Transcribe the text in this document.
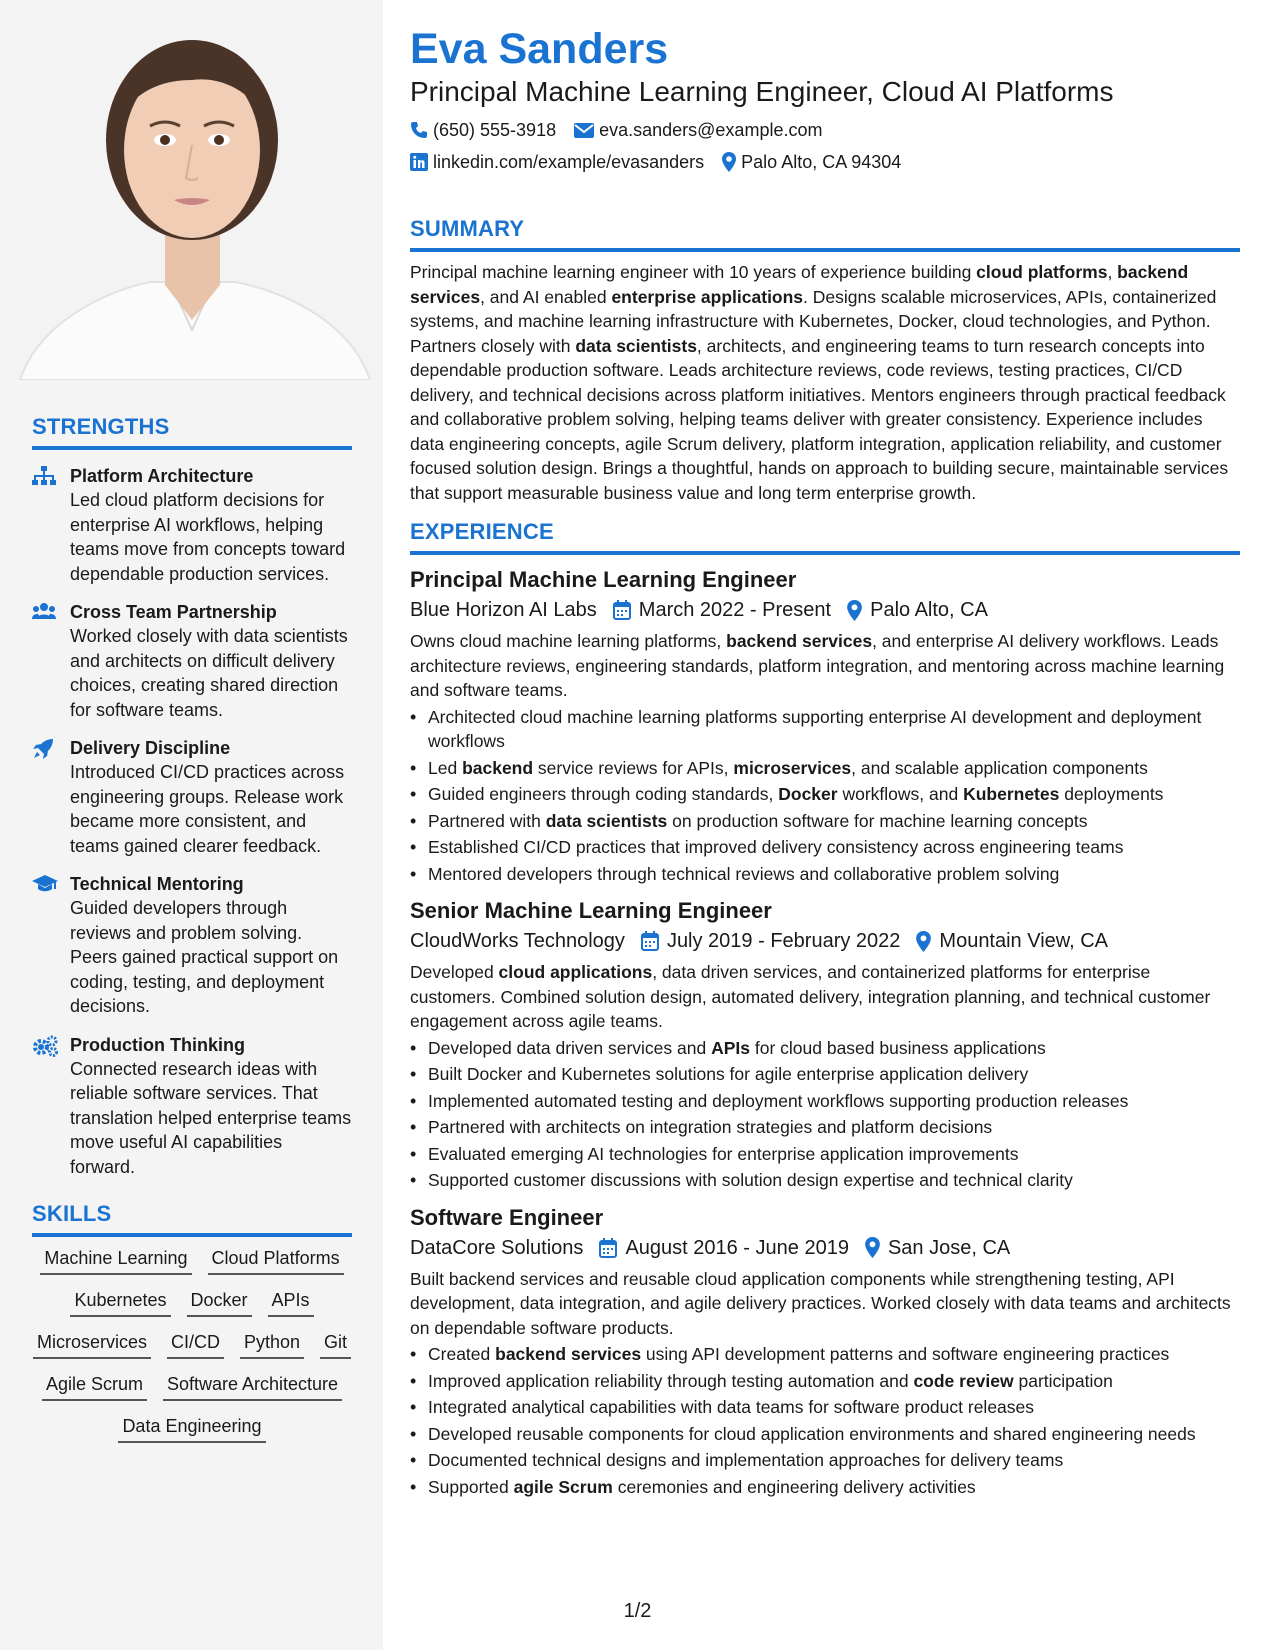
STRENGTHS
Platform Architecture
Led cloud platform decisions for enterprise AI workflows, helping teams move from concepts toward dependable production services.
Cross Team Partnership
Worked closely with data scientists and architects on difficult delivery choices, creating shared direction for software teams.
Delivery Discipline
Introduced CI/CD practices across engineering groups. Release work became more consistent, and teams gained clearer feedback.
Technical Mentoring
Guided developers through reviews and problem solving. Peers gained practical support on coding, testing, and deployment decisions.
Production Thinking
Connected research ideas with reliable software services. That translation helped enterprise teams move useful AI capabilities forward.
SKILLS
Machine Learning Cloud Platforms
Kubernetes Docker APIs
Microservices CI/CD Python Git
Agile Scrum Software Architecture
Data Engineering
Eva Sanders
Principal Machine Learning Engineer, Cloud AI Platforms
(650) 555-3918 eva.sanders@example.com
linkedin.com/example/evasanders Palo Alto, CA 94304
SUMMARY
Principal machine learning engineer with 10 years of experience building cloud platforms, backend services, and AI enabled enterprise applications. Designs scalable microservices, APIs, containerized systems, and machine learning infrastructure with Kubernetes, Docker, cloud technologies, and Python. Partners closely with data scientists, architects, and engineering teams to turn research concepts into dependable production software. Leads architecture reviews, code reviews, testing practices, CI/CD delivery, and technical decisions across platform initiatives. Mentors engineers through practical feedback and collaborative problem solving, helping teams deliver with greater consistency. Experience includes data engineering concepts, agile Scrum delivery, platform integration, application reliability, and customer focused solution design. Brings a thoughtful, hands on approach to building secure, maintainable services that support measurable business value and long term enterprise growth.
EXPERIENCE
Principal Machine Learning Engineer
Blue Horizon AI Labs March 2022 - Present Palo Alto, CA
Owns cloud machine learning platforms, backend services, and enterprise AI delivery workflows. Leads architecture reviews, engineering standards, platform integration, and mentoring across machine learning and software teams.
• Architected cloud machine learning platforms supporting enterprise AI development and deployment workflows
• Led backend service reviews for APIs, microservices, and scalable application components
• Guided engineers through coding standards, Docker workflows, and Kubernetes deployments
• Partnered with data scientists on production software for machine learning concepts
• Established CI/CD practices that improved delivery consistency across engineering teams
• Mentored developers through technical reviews and collaborative problem solving
Senior Machine Learning Engineer
CloudWorks Technology July 2019 - February 2022 Mountain View, CA
Developed cloud applications, data driven services, and containerized platforms for enterprise customers. Combined solution design, automated delivery, integration planning, and technical customer engagement across agile teams.
• Developed data driven services and APIs for cloud based business applications
• Built Docker and Kubernetes solutions for agile enterprise application delivery
• Implemented automated testing and deployment workflows supporting production releases
• Partnered with architects on integration strategies and platform decisions
• Evaluated emerging AI technologies for enterprise application improvements
• Supported customer discussions with solution design expertise and technical clarity
Software Engineer
DataCore Solutions August 2016 - June 2019 San Jose, CA
Built backend services and reusable cloud application components while strengthening testing, API development, data integration, and agile delivery practices. Worked closely with data teams and architects on dependable software products.
• Created backend services using API development patterns and software engineering practices
• Improved application reliability through testing automation and code review participation
• Integrated analytical capabilities with data teams for software product releases
• Developed reusable components for cloud application environments and shared engineering needs
• Documented technical designs and implementation approaches for delivery teams
• Supported agile Scrum ceremonies and engineering delivery activities
1/2
